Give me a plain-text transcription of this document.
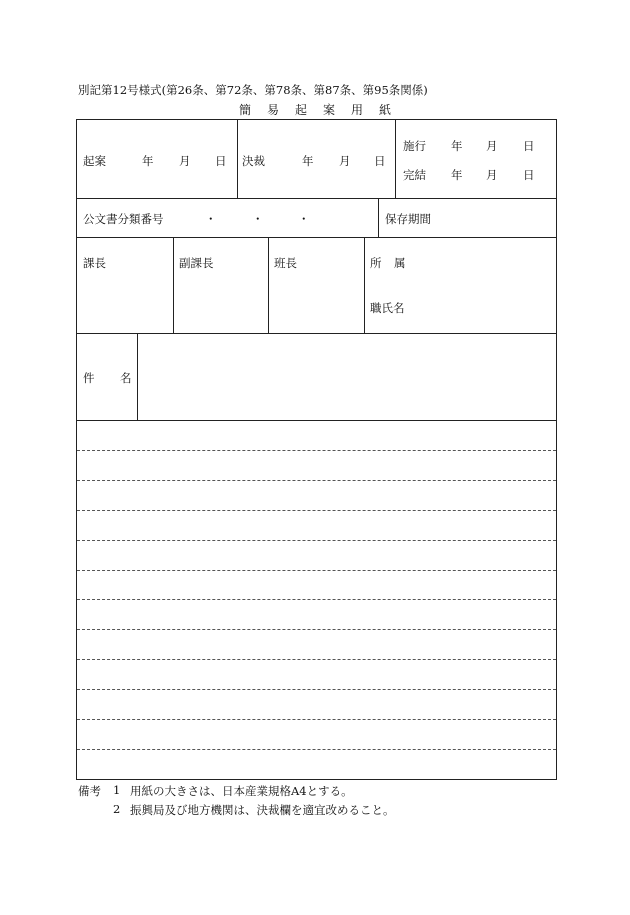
別記第12号様式(第26条、第72条、第78条、第87条、第95条関係)
簡 易 起 案 用 紙
起案	年 月 日 決裁	年 月 日
施行 年 月 日
完結 年 月 日
公文書分類番号	・	・	・	保存期間
課長	副課長	班長	所 属
職氏名
件 名
備考 1 用紙の大きさは、日本産業規格A4とする。
2 振興局及び地方機関は、決裁欄を適宜改めること。
